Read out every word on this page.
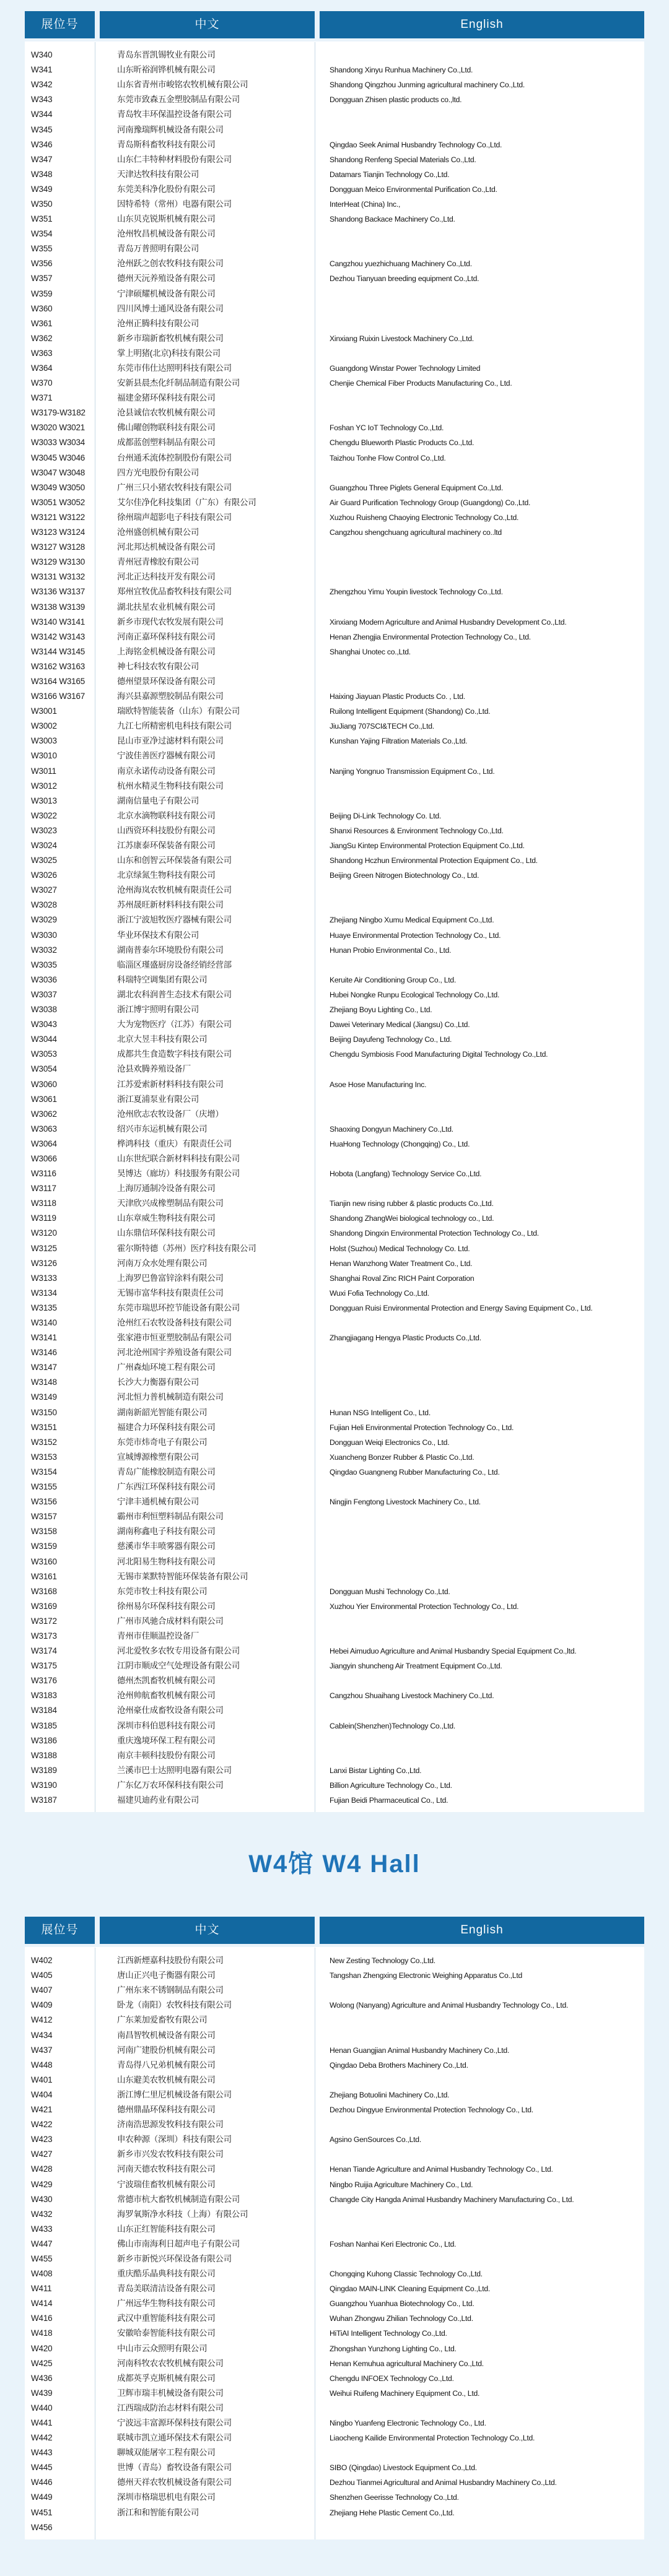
展位号	中文	English
W340	青岛东晋凯锡牧业有限公司
W341	山东昕裕润铧机械有限公司	Shandong Xinyu Runhua Machinery Co.,Ltd.
W342	山东省青州市峻铭农牧机械有限公司	Shandong Qingzhou Junming agricultural machinery Co.,Ltd.
W343	东莞市致森五金塑胶制品有限公司	Dongguan Zhisen plastic products co.,ltd.
W344	青岛牧丰环保温控设备有限公司
W345	河南豫瑞辉机械设备有限公司
W346	青岛斯科畜牧科技有限公司	Qingdao Seek Animal Husbandry Technology Co.,Ltd.
W347	山东仁丰特种材料股份有限公司	Shandong Renfeng Special Materials Co.,Ltd.
W348	天津达牧科技有限公司	Datamars Tianjin Technology Co.,Ltd.
W349	东莞美科净化股份有限公司	Dongguan Meico Environmental Purification Co.,Ltd.
W350	因特希特（常州）电器有限公司	InterHeat (China) Inc.,
W351	山东贝克锐斯机械有限公司	Shandong Backace Machinery Co.,Ltd.
W354	沧州牧昌机械设备有限公司
W355	青岛万普照明有限公司
W356	沧州跃之创农牧科技有限公司	Cangzhou yuezhichuang Machinery Co.,Ltd.
W357	德州天沅养殖设备有限公司	Dezhou Tianyuan breeding equipment Co.,Ltd.
W359	宁津硕耀机械设备有限公司
W360	四川风博士通风设备有限公司
W361	沧州正腾科技有限公司
W362	新乡市瑞新畜牧机械有限公司	Xinxiang Ruixin Livestock Machinery Co.,Ltd.
W363	掌上明猪(北京)科技有限公司
W364	东莞市伟仕达照明科技有限公司	Guangdong Winstar Power Technology Limited
W370	安新县晨杰化纤制品制造有限公司	Chenjie Chemical Fiber Products Manufacturing Co., Ltd.
W371	福建金猪环保科技有限公司
W3179-W3182	沧县诚信农牧机械有限公司
W3020 W3021	佛山曜创物联科技有限公司	Foshan YC IoT Technology Co.,Ltd.
W3033 W3034	成都蓝创塑料制品有限公司	Chengdu Blueworth Plastic Products Co.,Ltd.
W3045 W3046	台州通禾流体控制股份有限公司	Taizhou Tonhe Flow Control Co.,Ltd.
W3047 W3048	四方光电股份有限公司
W3049 W3050	广州三只小猪农牧科技有限公司	Guangzhou Three Piglets General Equipment Co.,Ltd.
W3051 W3052	艾尔佳净化科技集团（广东）有限公司	Air Guard Purification Technology Group (Guangdong) Co.,Ltd.
W3121 W3122	徐州瑞声超影电子科技有限公司	Xuzhou Ruisheng Chaoying Electronic Technology Co.,Ltd.
W3123 W3124	沧州盛创机械有限公司	Cangzhou shengchuang agricultural machinery co..ltd
W3127 W3128	河北邦达机械设备有限公司
W3129 W3130	青州冠青橡胶有限公司
W3131 W3132	河北正达科技开发有限公司
W3136 W3137	郑州宜牧优品畜牧科技有限公司	Zhengzhou Yimu Youpin livestock Technology Co.,Ltd.
W3138 W3139	湖北扶星农业机械有限公司
W3140 W3141	新乡市现代农牧发展有限公司	Xinxiang Modern Agriculture and Animal Husbandry Development Co.,Ltd.
W3142 W3143	河南正嘉环保科技有限公司	Henan Zhengjia Environmental Protection Technology Co., Ltd.
W3144 W3145	上海铭金机械设备有限公司	Shanghai Unotec co.,Ltd.
W3162 W3163	神七科技农牧有限公司
W3164 W3165	德州望景环保设备有限公司
W3166 W3167	海兴县嘉源塑胶制品有限公司	Haixing Jiayuan Plastic Products Co. , Ltd.
W3001	瑞欧特智能装备（山东）有限公司	Ruilong Intelligent Equipment (Shandong) Co.,Ltd.
W3002	九江七所精密机电科技有限公司	JiuJiang 707SCI&TECH Co.,Ltd.
W3003	昆山市亚净过滤材料有限公司	Kunshan Yajing Filtration Materials Co.,Ltd.
W3010	宁波佳善医疗器械有限公司
W3011	南京永诺传动设备有限公司	Nanjing Yongnuo Transmission Equipment Co., Ltd.
W3012	杭州水精灵生物科技有限公司
W3013	湖南信量电子有限公司
W3022	北京水滴物联科技有限公司	Beijing Di-Link Technology Co. Ltd.
W3023	山西资环科技股份有限公司	Shanxi Resources & Environment Technology Co.,Ltd.
W3024	江苏康泰环保装备有限公司	JiangSu Kintep Environmental Protection Equipment Co.,Ltd.
W3025	山东和创智云环保装备有限公司	Shandong Hczhun Environmental Protection Equipment Co., Ltd.
W3026	北京绿氮生物科技有限公司	Beijing Green Nitrogen Biotechnology Co., Ltd.
W3027	沧州海岚农牧机械有限责任公司
W3028	苏州晟旺新材料科技有限公司
W3029	浙江宁波旭牧医疗器械有限公司	Zhejiang Ningbo Xumu Medical Equipment Co.,Ltd.
W3030	华业环保技术有限公司	Huaye Environmental Protection Technology Co., Ltd.
W3032	湖南普泰尔环境股份有限公司	Hunan Probio Environmental Co., Ltd.
W3035	临淄区瑾盛厨房设备经销经营部
W3036	科瑞特空调集团有限公司	Keruite Air Conditioning Group Co., Ltd.
W3037	湖北农科润普生态技术有限公司	Hubei Nongke Runpu Ecological Technology Co.,Ltd.
W3038	浙江博宇照明有限公司	Zhejiang Boyu Lighting Co., Ltd.
W3043	大为宠物医疗（江苏）有限公司	Dawei Veterinary Medical (Jiangsu) Co.,Ltd.
W3044	北京大昱丰科技有限公司	Beijing Dayufeng Technology Co., Ltd.
W3053	成都共生食造数字科技有限公司	Chengdu Symbiosis Food Manufacturing Digital Technology Co.,Ltd.
W3054	沧县欢腾养殖设备厂
W3060	江苏爱索新材料科技有限公司	Asoe Hose Manufacturing Inc.
W3061	浙江夏浦泵业有限公司
W3062	沧州欣志农牧设备厂（庆增）
W3063	绍兴市东运机械有限公司	Shaoxing Dongyun Machinery Co.,Ltd.
W3064	桦鸿科技（重庆）有限责任公司	HuaHong Technology (Chongqing) Co., Ltd.
W3066	山东世纪联合新材料科技有限公司
W3116	昊博达（廊坊）科技服务有限公司	Hobota (Langfang) Technology Service Co.,Ltd.
W3117	上海厉通制冷设备有限公司
W3118	天津欣兴成橡塑制品有限公司	Tianjin new rising rubber & plastic products Co.,Ltd.
W3119	山东章威生物科技有限公司	Shandong ZhangWei biological technology co., Ltd.
W3120	山东鼎信环保科技有限公司	Shandong Dingxin Environmental Protection Technology Co., Ltd.
W3125	霍尔斯特德（苏州）医疗科技有限公司	Holst (Suzhou) Medical Technology Co. Ltd.
W3126	河南万众水处理有限公司	Henan Wanzhong Water Treatment Co., Ltd.
W3133	上海罗巴鲁富锌涂料有限公司	Shanghai Roval Zinc RICH Paint Corporation
W3134	无锡市富华科技有限责任公司	Wuxi Fofia Technology Co.,Ltd.
W3135	东莞市瑞思环控节能设备有限公司	Dongguan Ruisi Environmental Protection and Energy Saving Equipment Co., Ltd.
W3140	沧州红石农牧设备科技有限公司
W3141	张家港市恒亚塑胶制品有限公司	Zhangjiagang Hengya Plastic Products Co.,Ltd.
W3146	河北沧州国宇养殖设备有限公司
W3147	广州森灿环境工程有限公司
W3148	长沙大力衡器有限公司
W3149	河北恒力普机械制造有限公司
W3150	湖南新韶光智能有限公司	Hunan NSG Intelligent Co., Ltd.
W3151	福建合力环保科技有限公司	Fujian Heli Environmental Protection Technology Co., Ltd.
W3152	东莞市炜奇电子有限公司	Dongguan Weiqi Electronics Co., Ltd.
W3153	宣城博源橡塑有限公司	Xuancheng Bonzer Rubber & Plastic Co.,Ltd.
W3154	青岛广能橡胶制造有限公司	Qingdao Guangneng Rubber Manufacturing Co., Ltd.
W3155	广东西江环保科技有限公司
W3156	宁津丰通机械有限公司	Ningjin Fengtong Livestock Machinery Co., Ltd.
W3157	霸州市利恒塑料制品有限公司
W3158	湖南称鑫电子科技有限公司
W3159	慈溪市华丰喷雾器有限公司
W3160	河北阳易生物科技有限公司
W3161	无锡市莱默特智能环保装备有限公司
W3168	东莞市牧士科技有限公司	Dongguan Mushi Technology Co.,Ltd.
W3169	徐州易尔环保科技有限公司	Xuzhou Yier Environmental Protection Technology Co., Ltd.
W3172	广州市风驰合成材料有限公司
W3173	青州市佳顺温控设备厂
W3174	河北爱牧多农牧专用设备有限公司	Hebei Aimuduo Agriculture and Animal Husbandry Special Equipment Co.,ltd.
W3175	江阴市顺成空气处理设备有限公司	Jiangyin shuncheng Air Treatment Equipment Co.,Ltd.
W3176	德州杰凯畜牧机械有限公司
W3183	沧州帅航畜牧机械有限公司	Cangzhou Shuaihang Livestock Machinery Co.,Ltd.
W3184	沧州豪仕成畜牧设备有限公司
W3185	深圳市科伯恩科技有限公司	Cablein(Shenzhen)Technology Co.,Ltd.
W3186	重庆逸境环保工程有限公司
W3188	南京丰顿科技股份有限公司
W3189	兰溪市巴士达照明电器有限公司	Lanxi Bistar Lighting Co.,Ltd.
W3190	广东亿万农环保科技有限公司	Billion Agriculture Technology Co., Ltd.
W3187	福建贝迪药业有限公司	Fujian Beidi Pharmaceutical Co., Ltd.
W4馆 W4 Hall
展位号	中文	English
W402	江西新煙嘉科技股份有限公司	New Zesting Technology Co.,Ltd.
W405	唐山正兴电子衡器有限公司	Tangshan Zhengxing Electronic Weighing Apparatus Co.,Ltd
W407	广州东来不锈钢制品有限公司
W409	卧龙（南阳）农牧科技有限公司	Wolong (Nanyang) Agriculture and Animal Husbandry Technology Co., Ltd.
W412	广东莱加爱畜牧有限公司
W434	南昌智牧机械设备有限公司
W437	河南广建股份机械有限公司	Henan Guangjian Animal Husbandry Machinery Co.,Ltd.
W448	青岛得八兄弟机械有限公司	Qingdao Deba Brothers Machinery Co.,Ltd.
W401	山东避美农牧机械有限公司
W404	浙江博仁里尼机械设备有限公司	Zhejiang Botuolini Machinery Co.,Ltd.
W421	德州鼎晶环保科技有限公司	Dezhou Dingyue Environmental Protection Technology Co., Ltd.
W422	济南浩思源发牧科技有限公司
W423	申农种源（深圳）科技有限公司	Agsino GenSources Co.,Ltd.
W427	新乡市兴发农牧科技有限公司
W428	河南天德农牧科技有限公司	Henan Tiande Agriculture and Animal Husbandry Technology Co., Ltd.
W429	宁波瑞佳畜牧机械有限公司	Ningbo Ruijia Agriculture Machinery Co., Ltd.
W430	常德市杭大畜牧机械制造有限公司	Changde City Hangda Animal Husbandry Machinery Manufacturing Co., Ltd.
W432	海罗氧斯净水科技（上海）有限公司
W433	山东正红智能科技有限公司
W447	佛山市南海利日超声电子有限公司	Foshan Nanhai Keri Electronic Co., Ltd.
W455	新乡市新悦兴环保设备有限公司
W408	重庆酷乐晶典科技有限公司	Chongqing Kuhong Classic Technology Co.,Ltd.
W411	青岛美联清洁设备有限公司	Qingdao MAIN-LINK Cleaning Equipment Co.,Ltd.
W414	广州远华生物科技有限公司	Guangzhou Yuanhua Biotechnology Co., Ltd.
W416	武汉中重智能科技有限公司	Wuhan Zhongwu Zhilian Technology Co.,Ltd.
W418	安徽哈泰智能科技有限公司	HiTiAI Intelligent Technology Co.,Ltd.
W420	中山市云众照明有限公司	Zhongshan Yunzhong Lighting Co., Ltd.
W425	河南科牧农农牧机械有限公司	Henan Kemuhua agricultural Machinery Co.,Ltd.
W436	成都英孚克斯机械有限公司	Chengdu INFOEX Technology Co.,Ltd.
W439	卫辉市瑞丰机械设备有限公司	Weihui Ruifeng Machinery Equipment Co., Ltd.
W440	江西瑞成防治志材料有限公司
W441	宁波远丰富源环保科技有限公司	Ningbo Yuanfeng Electronic Technology Co., Ltd.
W442	联城市凯立通环保技术有限公司	Liaocheng Kailide Environmental Protection Technology Co.,Ltd.
W443	聊城双能屠宰工程有限公司
W445	世博（青岛）畜牧设备有限公司	SIBO (Qingdao) Livestock Equipment Co.,Ltd.
W446	德州天祥农牧机械设备有限公司	Dezhou Tianmei Agricultural and Animal Husbandry Machinery Co.,Ltd.
W449	深圳市格瑞思机电有限公司	Shenzhen Geerisse Technology Co.,Ltd.
W451	浙江和和智能有限公司	Zhejiang Hehe Plastic Cement Co.,Ltd.
W456
